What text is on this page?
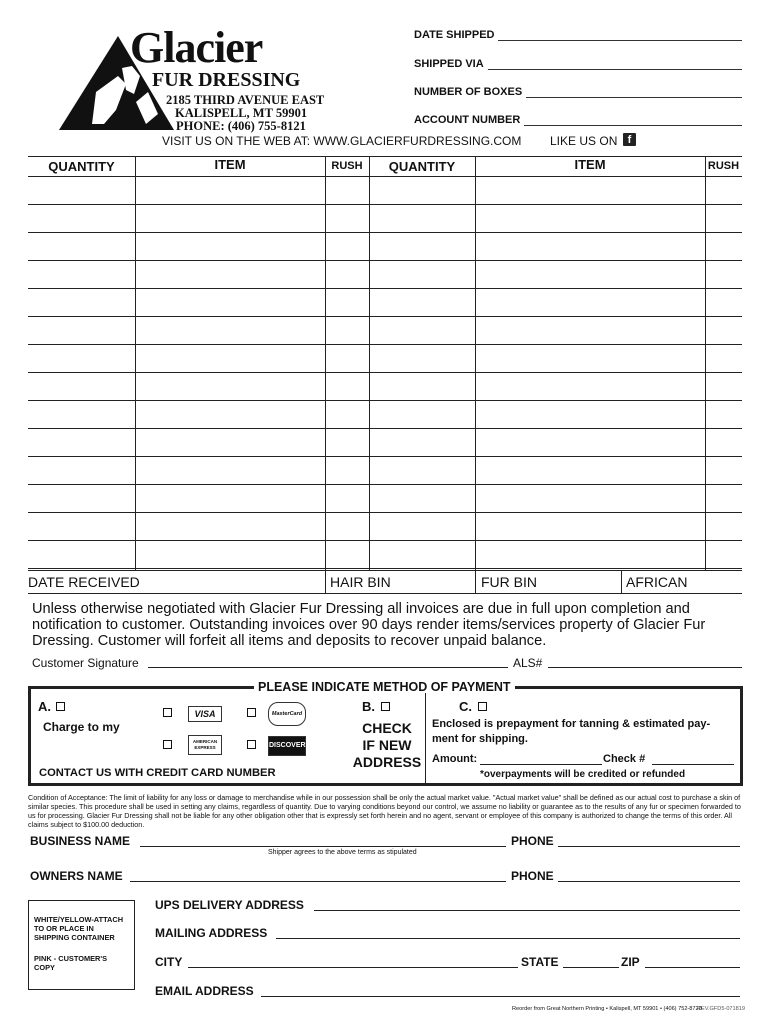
Glacier
FUR DRESSING
2185 THIRD AVENUE EAST
KALISPELL, MT 59901
PHONE: (406) 755-8121
DATE SHIPPED
SHIPPED VIA
NUMBER OF BOXES
ACCOUNT NUMBER
VISIT US ON THE WEB AT: WWW.GLACIERFURDRESSING.COM LIKE US ON f
QUANTITY	ITEM	RUSH	QUANTITY	ITEM	RUSH
DATE RECEIVED	HAIR BIN	FUR BIN	AFRICAN
Unless otherwise negotiated with Glacier Fur Dressing all invoices are due in full upon completion and notification to customer. Outstanding invoices over 90 days render items/services property of Glacier Fur Dressing. Customer will forfeit all items and deposits to recover unpaid balance.
Customer Signature	ALS#
PLEASE INDICATE METHOD OF PAYMENT
A.
Charge to my
VISA	MasterCard
AMERICAN EXPRESS	DISCOVER
CONTACT US WITH CREDIT CARD NUMBER
B.
CHECK
IF NEW
ADDRESS
C.
Enclosed is prepayment for tanning & estimated pay-ment for shipping.
Amount:	Check #
*overpayments will be credited or refunded
Condition of Acceptance: The limit of liability for any loss or damage to merchandise while in our possession shall be only the actual market value. "Actual market value" shall be defined as our actual cost to purchase a skin of similar species. This procedure shall be used in setting any claims, regardless of quantity. Due to varying conditions beyond our control, we assume no liability or guarantee as to the results of any fur or specimen forwarded to us for processing. Glacier Fur Dressing shall not be liable for any other obligation other that is expressly set forth herein and no agent, servant or employee of this company is authorized to change the terms of this order. All claims subject to $100.00 deduction.
BUSINESS NAME	PHONE
Shipper agrees to the above terms as stipulated
OWNERS NAME	PHONE
WHITE/YELLOW-ATTACH TO OR PLACE IN SHIPPING CONTAINER
PINK - CUSTOMER'S COPY
UPS DELIVERY ADDRESS
MAILING ADDRESS
CITY	STATE	ZIP
EMAIL ADDRESS
Reorder from Great Northern Printing • Kalispell, MT 59901 • (406) 752-8720
REV.GFD5-071819
